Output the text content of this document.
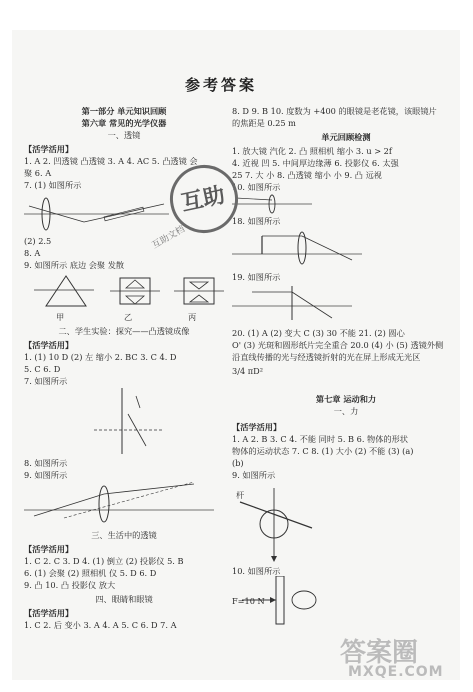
参考答案
第一部分 单元知识回顾
第六章 常见的光学仪器
一、透镜
【活学活用】
1. A 2. 凹透镜 凸透镜 3. A 4. AC 5. 凸透镜 会
聚 6. A
7. (1) 如图所示
(2) 2.5
8. A
9. 如图所示 底边 会聚 发散
甲	乙	丙
二、学生实验：探究——凸透镜成像
【活学活用】
1. (1) 10 D (2) 左 缩小 2. BC 3. C 4. D
5. C 6. D
7. 如图所示
8. 如图所示
9. 如图所示
三、生活中的透镜
【活学活用】
1. C 2. C 3. D 4. (1) 倒立 (2) 投影仪 5. B
6. (1) 会聚 (2) 照相机 仪 5. D 6. D
9. 凸 10. 凸 投影仪 放大
四、眼睛和眼镜
【活学活用】
1. C 2. 后 变小 3. A 4. A 5. C 6. D 7. A
8. D 9. B 10. 度数为 +400 的眼镜是老花镜，该眼镜片
的焦距是 0.25 m
单元回顾检测
1. 放大镜 汽化 2. 凸 照相机 缩小 3. u > 2f
4. 近视 凹 5. 中间厚边缘薄 6. 投影仪 6. 太强
25 7. 大 小 8. 凸透镜 缩小 小 9. 凸 远视
10. 如图所示
18. 如图所示
19. 如图所示
20. (1) A (2) 变大 C (3) 30 不能 21. (2) 圆心
O' (3) 光斑和圆形纸片完全重合 20.0 (4) 小 (5) 透镜外侧
沿直线传播的光与经透镜折射的光在屏上形成无光区
3/4 πD²
第七章 运动和力
一、力
【活学活用】
1. A 2. B 3. C 4. 不能 同时 5. B 6. 物体的形状
物体的运动状态 7. C 8. (1) 大小 (2) 不能 (3) (a)
(b)
9. 如图所示
杆
10. 如图所示
F=10 N
互助
互助文档
答案圈
MXQE.COM
